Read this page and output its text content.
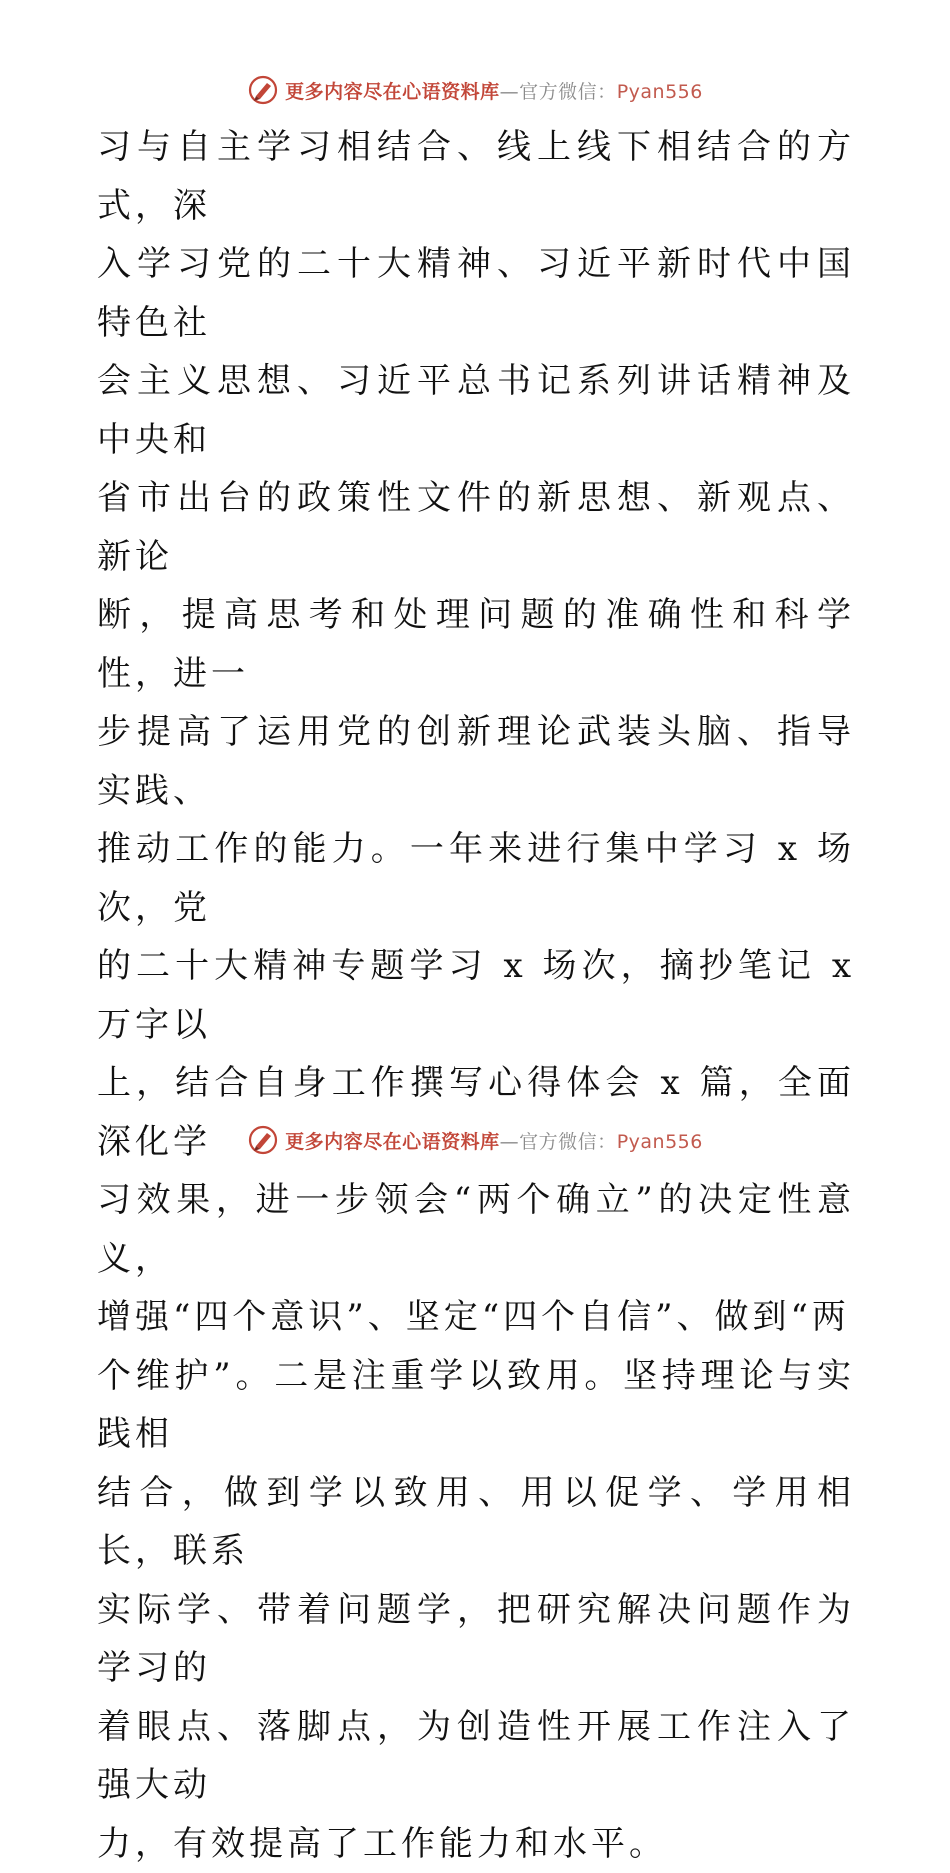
更多内容尽在心语资料库—官方微信：Pyan556

习与自主学习相结合、线上线下相结合的方式，深

入学习党的二十大精神、习近平新时代中国特色社

会主义思想、习近平总书记系列讲话精神及中央和

省市出台的政策性文件的新思想、新观点、新论

断，提高思考和处理问题的准确性和科学性，进一

步提高了运用党的创新理论武装头脑、指导实践、

推动工作的能力。一年来进行集中学习 x 场次，党

的二十大精神专题学习 x 场次，摘抄笔记 x 万字以

上，结合自身工作撰写心得体会 x 篇，全面深化学

习效果，进一步领会“两个确立”的决定性意义，

增强“四个意识”、坚定“四个自信”、做到“两

个维护”。二是注重学以致用。坚持理论与实践相

结合，做到学以致用、用以促学、学用相长，联系

实际学、带着问题学，把研究解决问题作为学习的

着眼点、落脚点，为创造性开展工作注入了强大动

力，有效提高了工作能力和水平。

更多内容尽在心语资料库—官方微信：Pyan556
